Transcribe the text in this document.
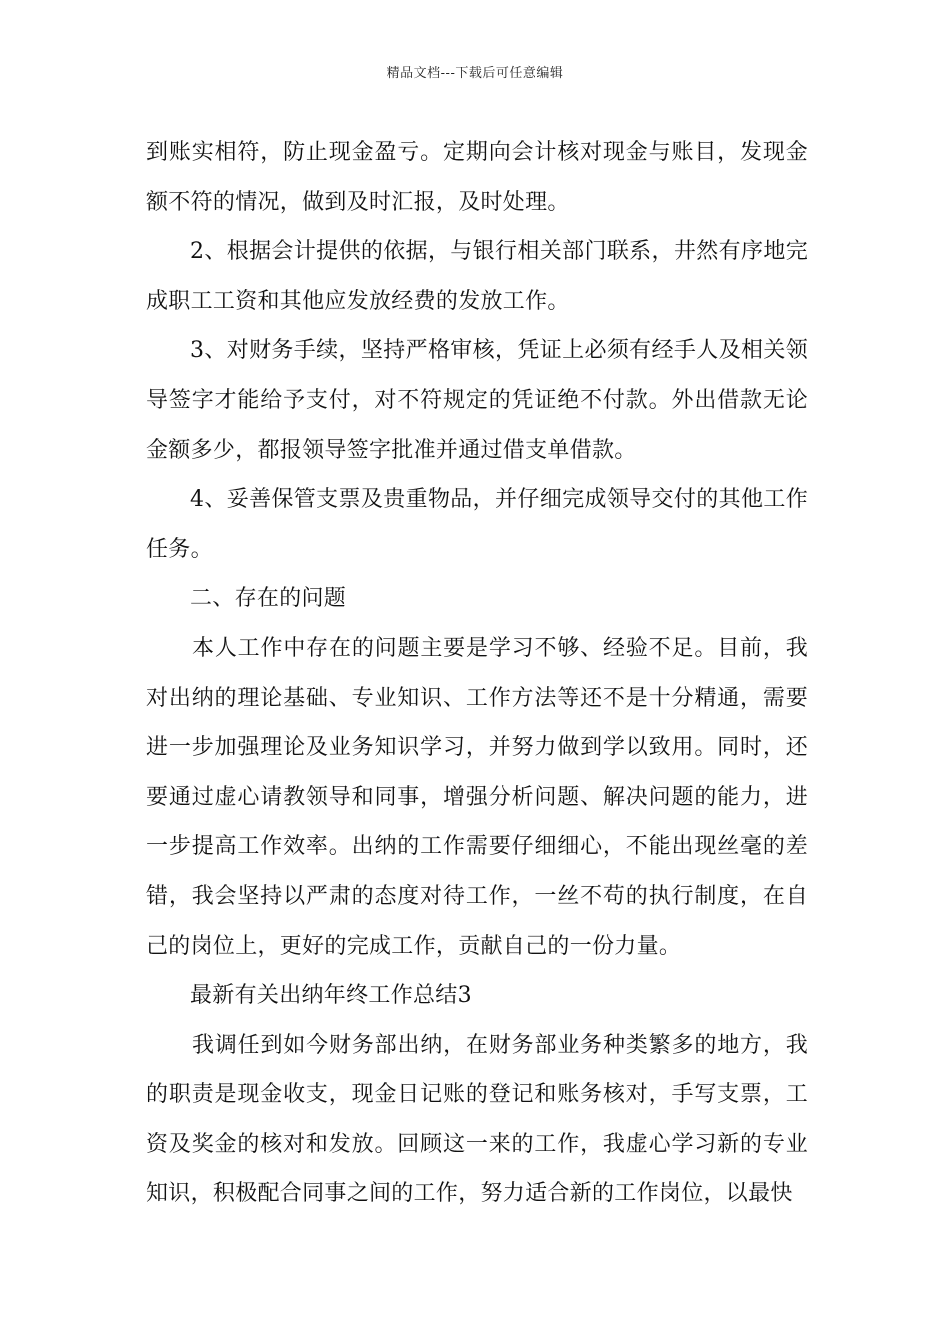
精品文档---下载后可任意编辑

到账实相符，防止现金盈亏。定期向会计核对现金与账目，发现金额不符的情况，做到及时汇报，及时处理。

2、根据会计提供的依据，与银行相关部门联系，井然有序地完成职工工资和其他应发放经费的发放工作。

3、对财务手续，坚持严格审核，凭证上必须有经手人及相关领导签字才能给予支付，对不符规定的凭证绝不付款。外出借款无论金额多少，都报领导签字批准并通过借支单借款。

4、妥善保管支票及贵重物品，并仔细完成领导交付的其他工作任务。

二、存在的问题

本人工作中存在的问题主要是学习不够、经验不足。目前，我对出纳的理论基础、专业知识、工作方法等还不是十分精通，需要进一步加强理论及业务知识学习，并努力做到学以致用。同时，还要通过虚心请教领导和同事，增强分析问题、解决问题的能力，进一步提高工作效率。出纳的工作需要仔细细心，不能出现丝毫的差错，我会坚持以严肃的态度对待工作，一丝不苟的执行制度，在自己的岗位上，更好的完成工作，贡献自己的一份力量。

最新有关出纳年终工作总结3

我调任到如今财务部出纳，在财务部业务种类繁多的地方，我的职责是现金收支，现金日记账的登记和账务核对，手写支票，工资及奖金的核对和发放。回顾这一来的工作，我虚心学习新的专业知识，积极配合同事之间的工作，努力适合新的工作岗位，以最快
